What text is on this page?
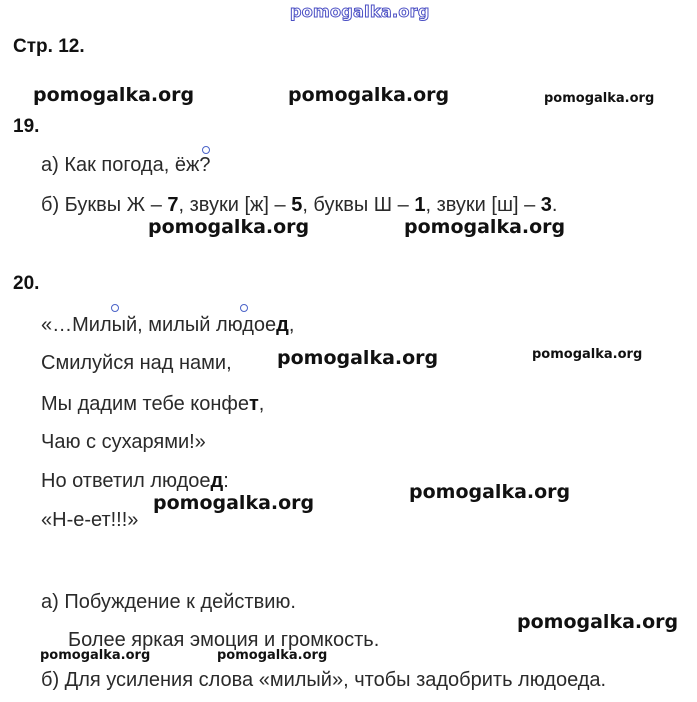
pomogalka.org
Стр. 12.
pomogalka.org	pomogalka.org	pomogalka.org
19.
а) Как погода, ёж?
б) Буквы Ж – 7, звуки [ж] – 5, буквы Ш – 1, звуки [ш] – 3.
pomogalka.org	pomogalka.org
20.
«…Милый, милый людоед,
Смилуйся над нами,
Мы дадим тебе конфет,
Чаю с сухарями!»
Но ответил людоед:
«Н-е-ет!!!»
pomogalka.org	pomogalka.org
pomogalka.org
pomogalka.org
а) Побуждение к действию.
Более яркая эмоция и громкость.
pomogalka.org
pomogalka.org	pomogalka.org
б) Для усиления слова «милый», чтобы задобрить людоеда.
